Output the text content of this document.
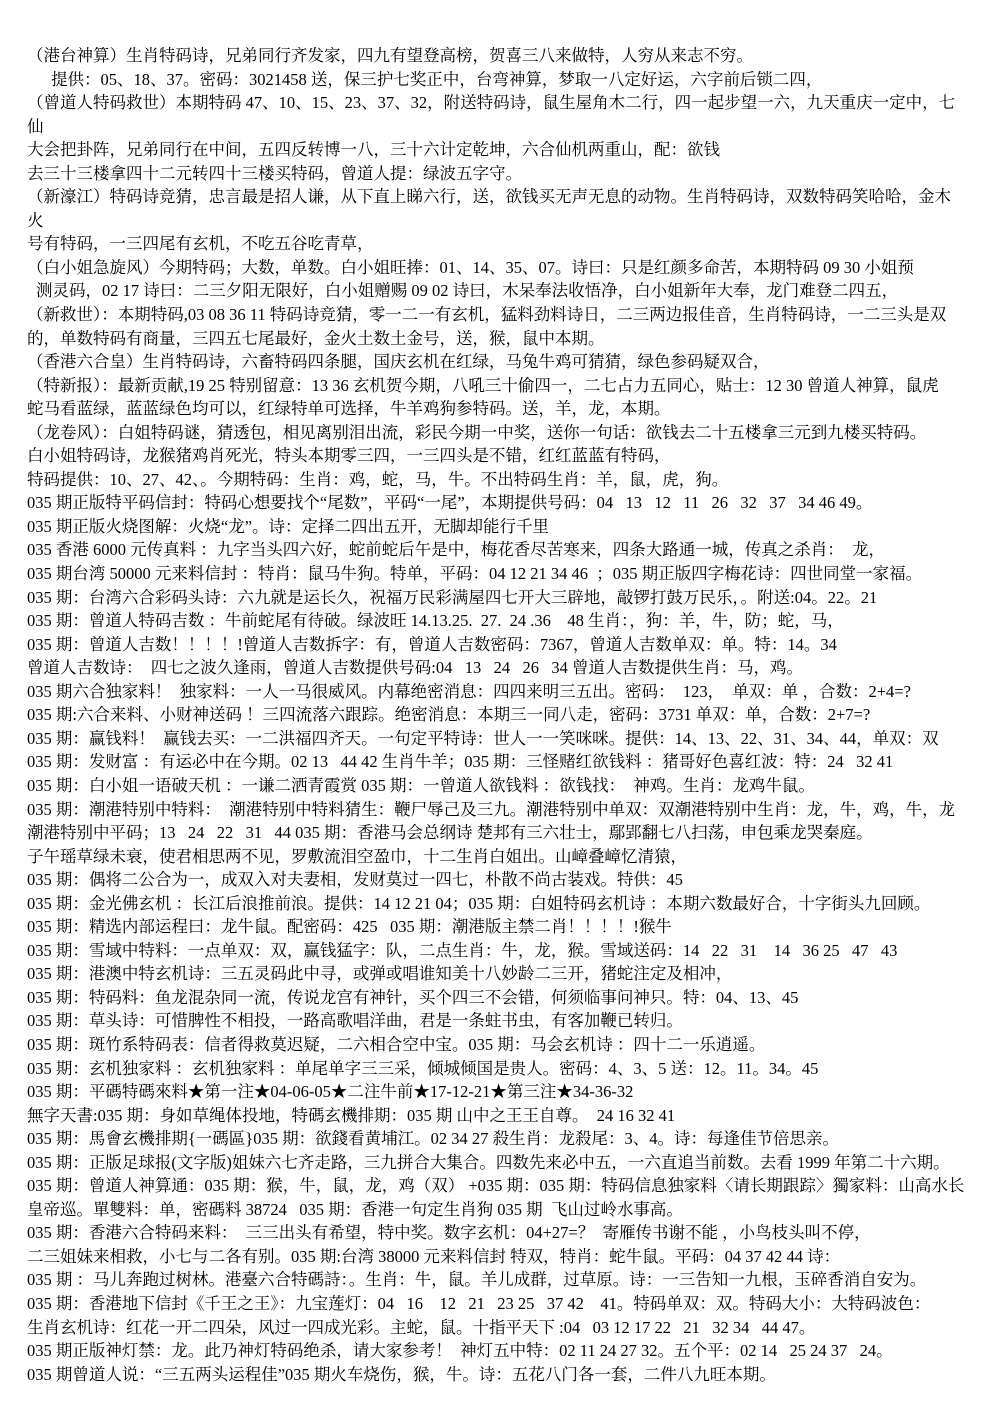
（港台神算）生肖特码诗，兄弟同行齐发家，四九有望登高榜，贺喜三八来做特，人穷从来志不穷。

提供：05、18、37。密码：3021458 送，保三护七奖正中，台弯神算，梦取一八定好运，六字前后锁二四，

（曾道人特码救世）本期特码 47、10、15、23、37、32，附送特码诗，鼠生屋角木二行，四一起步望一六，九天重庆一定中，七仙

大会把卦阵，兄弟同行在中间，五四反转博一八，三十六计定乾坤，六合仙机两重山，配：欲钱

去三十三楼拿四十二元转四十三楼买特码，曾道人提：绿波五字守。

（新濠江）特码诗竞猜，忠言最是招人谦，从下直上睇六行，送，欲钱买无声无息的动物。生肖特码诗，双数特码笑哈哈，金木火

号有特码，一三四尾有玄机，不吃五谷吃青草，

（白小姐急旋风）今期特码；大数，单数。白小姐旺捧：01、14、35、07。诗曰：只是红颜多命苦，本期特码 09 30 小姐预

测灵码，02 17 诗曰：二三夕阳无限好，白小姐赠赐 09 02 诗曰，木呆奉法收悟净，白小姐新年大奉，龙门难登二四五，

（新救世）：本期特码,03 08 36 11 特码诗竞猜，零一二一有玄机，猛料劲料诗日，二三两边报佳音，生肖特码诗，一二三头是双

的，单数特码有商量，三四五七尾最好，金火土数土金号，送，猴，鼠中本期。

（香港六合皇）生肖特码诗，六畜特码四条腿，国庆玄机在红绿，马兔牛鸡可猜猜，绿色参码疑双合，

（特新报）：最新贡献,19 25 特别留意：13 36 玄机贺今期，八吼三十偷四一，二七占力五同心，贴士：12 30 曾道人神算，鼠虎

蛇马看蓝绿，蓝蓝绿色均可以，红绿特单可选择，牛羊鸡狗参特码。送，羊，龙，本期。

（龙卷风）：白姐特码谜，猜透包，相见离别泪出流，彩民今期一中奖，送你一句话：欲钱去二十五楼拿三元到九楼买特码。

白小姐特码诗，龙猴猪鸡肖死光，特头本期零三四，一三四头是不错，红红蓝蓝有特码，

特码提供：10、27、42、。今期特码：生肖：鸡，蛇，马，牛。不出特码生肖：羊，鼠，虎，狗。

035 期正版特平码信封：特码心想要找个“尾数”，平码“一尾”，本期提供号码：04   13   12   11   26   32   37   34 46 49。

035 期正版火烧图解：火烧“龙”。诗：定择二四出五开，无脚却能行千里

035 香港 6000 元传真料 ：九字当头四六好，蛇前蛇后午是中，梅花香尽苦寒来，四条大路通一城，传真之杀肖：  龙，

035 期台湾 50000 元来料信封 ：特肖：鼠马牛狗。特单，平码：04 12 21 34 46  ；035 期正版四字梅花诗：四世同堂一家福。

035 期：台湾六合彩码头诗：六九就是运长久，祝福万民彩满屋四七开大三辟地，敲锣打鼓万民乐，。附送:04。22。21

035 期：曾道人特码吉数 ：牛前蛇尾有待破。绿波旺 14.13.25.  27.  24 .36    48 生肖：，狗：羊，牛，防；蛇，马，

035 期：曾道人吉数！！！！!曾道人吉数拆字：有，曾道人吉数密码：7367，曾道人吉数单双：单。特：14。34

曾道人吉数诗：  四七之波久逢雨，曾道人吉数提供号码:04   13   24   26   34 曾道人吉数提供生肖：马，鸡。

035 期六合独家料！  独家料：一人一马很威风。内幕绝密消息：四四来明三五出。密码：  123，  单双：单 ，合数：2+4=?

035 期:六合来料、小财神送码 ！三四流落六跟踪。绝密消息：本期三一同八走，密码：3731 单双：单，合数：2+7=?

035 期：赢钱料！  赢钱去买：一二洪福四齐天。一句定平特诗：世人一一笑咪咪。提供：14、13、22、31、34、44，单双：双

035 期：发财富 ：有运必中在今期。02 13   44 42 生肖牛羊；035 期：三怪赌红欲钱料 ：猪哥好色喜红波：特：24   32 41

035 期：白小姐一语破天机 ：一谦二洒青霞赏 035 期：一曾道人欲钱料 ：欲钱找：  神鸡。生肖：龙鸡牛鼠。

035 期：潮港特别中特料：  潮港特别中特料猜生：鞭尸辱己及三九。潮港特别中单双：双潮港特别中生肖：龙，牛，鸡，牛，龙

潮港特别中平码；13   24   22   31   44 035 期：香港马会总纲诗 楚邦有三六壮士，鄢郢翻七八扫荡，申包乘龙哭秦庭。

子午瑶草绿未衰，使君相思两不见，罗敷流泪空盈巾，十二生肖白姐出。山嶂叠嶂忆清猿，

035 期：偶将二公合为一，成双入对夫妻相，发财莫过一四七，朴散不尚古装戏。特供：45

035 期：金光佛玄机 ：长江后浪推前浪。提供：14 12 21 04；035 期：白姐特码玄机诗 ：本期六数最好合，十字街头九回顾。

035 期：精选内部运程曰：龙牛鼠。配密码：425   035 期：潮港版主禁二肖！！！！!猴牛

035 期：雪域中特料：一点单双：双，赢钱猛字：队，二点生肖：牛，龙，猴。雪域送码：14   22   31    14   36 25   47   43

035 期：港澳中特玄机诗：三五灵码此中寻，或弹或唱谁知美十八妙龄二三开，猪蛇注定及相冲，

035 期：特码料：鱼龙混杂同一流，传说龙宫有神针，买个四三不会错，何须临事问神只。特：04、13、45

035 期：草头诗：可惜脾性不相投，一路高歌唱洋曲，君是一条蛀书虫，有客加鞭已转归。

035 期：斑竹系特码表：信者得救莫迟疑，二六相合空中宝。035 期：马会玄机诗 ：四十二一乐逍遥。

035 期：玄机独家料 ：玄机独家料 ：单尾单字三三采，倾城倾国是贵人。密码：4、3、5 送：12。11。34。45

035 期：平碼特碼來料★第一注★04-06-05★二注牛前★17-12-21★第三注★34-36-32

無字天書:035 期：身如草绳体投地，特碼玄機排期：035 期 山中之王王自尊。  24 16 32 41

035 期：馬會玄機排期{一碼區}035 期：欲錢看黄埔江。02 34 27 殺生肖：龙殺尾：3、4。诗：每逢佳节倍思亲。

035 期：正版足球报(文字版)姐妹六七齐走路，三九拼合大集合。四数先来必中五，一六直追当前数。去看 1999 年第二十六期。

035 期：曾道人神算通：035 期：猴，牛，鼠，龙，鸡（双） +035 期：035 期：特码信息独家料〈请长期跟踪〉獨家料：山高水长

皇帝巡。單雙料：单，密碼料 38724   035 期：香港一句定生肖狗 035 期  飞山过岭水事高。

035 期：香港六合特码来料：  三三出头有希望，特中奖。数字玄机：04+27=？  寄雁传书谢不能 ，小鸟枝头叫不停，

二三姐妹来相救，小七与二各有别。035 期:台湾 38000 元来料信封 特双，特肖：蛇牛鼠。平码：04 37 42 44 诗：

035 期 ：马儿奔跑过树林。港臺六合特碼詩：。生肖：牛，鼠。羊儿成群，过草原。诗：一三告知一九根，玉碎香消自安为。

035 期：香港地下信封《千王之王》：九宝莲灯：04   16    12   21   23 25   37 42    41。特码单双：双。特码大小：大特码波色：

生肖玄机诗：红花一开二四朵，风过一四成光彩。主蛇，鼠。十指平天下 :04   03 12 17 22   21   32 34   44 47。

035 期正版神灯禁：龙。此乃神灯特码绝杀，请大家参考！  神灯五中特：02 11 24 27 32。五个平：02 14   25 24 37   24。

035 期曾道人说：“三五两头运程佳”035 期火车烧伤，猴，牛。诗：五花八门各一套，二件八九旺本期。
